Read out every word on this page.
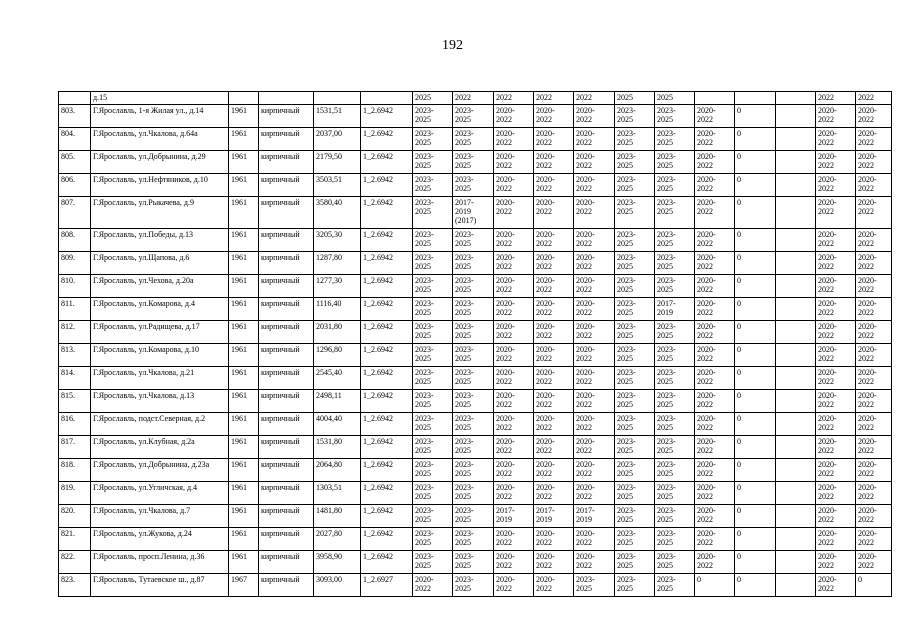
192
	д.15					2025	2022	2022	2022	2022	2025	2025				2022	2022
803.	Г.Ярославль, 1-я Жилая ул., д.14	1961	кирпичный	1531,51	1_2.6942	2023-
2025	2023-
2025	2020-
2022	2020-
2022	2020-
2022	2023-
2025	2023-
2025	2020-
2022	0		2020-
2022	2020-
2022
804.	Г.Ярославль, ул.Чкалова, д.64а	1961	кирпичный	2037,00	1_2.6942	2023-
2025	2023-
2025	2020-
2022	2020-
2022	2020-
2022	2023-
2025	2023-
2025	2020-
2022	0		2020-
2022	2020-
2022
805.	Г.Ярославль, ул.Добрынина, д.29	1961	кирпичный	2179,50	1_2.6942	2023-
2025	2023-
2025	2020-
2022	2020-
2022	2020-
2022	2023-
2025	2023-
2025	2020-
2022	0		2020-
2022	2020-
2022
806.	Г.Ярославль, ул.Нефтяников, д.10	1961	кирпичный	3503,51	1_2.6942	2023-
2025	2023-
2025	2020-
2022	2020-
2022	2020-
2022	2023-
2025	2023-
2025	2020-
2022	0		2020-
2022	2020-
2022
807.	Г.Ярославль, ул.Рыкачева, д.9	1961	кирпичный	3580,40	1_2.6942	2023-
2025	2017-
2019
(2017)	2020-
2022	2020-
2022	2020-
2022	2023-
2025	2023-
2025	2020-
2022	0		2020-
2022	2020-
2022
808.	Г.Ярославль, ул.Победы, д.13	1961	кирпичный	3205,30	1_2.6942	2023-
2025	2023-
2025	2020-
2022	2020-
2022	2020-
2022	2023-
2025	2023-
2025	2020-
2022	0		2020-
2022	2020-
2022
809.	Г.Ярославль, ул.Щапова, д.6	1961	кирпичный	1287,80	1_2.6942	2023-
2025	2023-
2025	2020-
2022	2020-
2022	2020-
2022	2023-
2025	2023-
2025	2020-
2022	0		2020-
2022	2020-
2022
810.	Г.Ярославль, ул.Чехова, д.20а	1961	кирпичный	1277,30	1_2.6942	2023-
2025	2023-
2025	2020-
2022	2020-
2022	2020-
2022	2023-
2025	2023-
2025	2020-
2022	0		2020-
2022	2020-
2022
811.	Г.Ярославль, ул.Комарова, д.4	1961	кирпичный	1116,40	1_2.6942	2023-
2025	2023-
2025	2020-
2022	2020-
2022	2020-
2022	2023-
2025	2017-
2019	2020-
2022	0		2020-
2022	2020-
2022
812.	Г.Ярославль, ул.Радищева, д.17	1961	кирпичный	2031,80	1_2.6942	2023-
2025	2023-
2025	2020-
2022	2020-
2022	2020-
2022	2023-
2025	2023-
2025	2020-
2022	0		2020-
2022	2020-
2022
813.	Г.Ярославль, ул.Комарова, д.10	1961	кирпичный	1296,80	1_2.6942	2023-
2025	2023-
2025	2020-
2022	2020-
2022	2020-
2022	2023-
2025	2023-
2025	2020-
2022	0		2020-
2022	2020-
2022
814.	Г.Ярославль, ул.Чкалова, д.21	1961	кирпичный	2545,40	1_2.6942	2023-
2025	2023-
2025	2020-
2022	2020-
2022	2020-
2022	2023-
2025	2023-
2025	2020-
2022	0		2020-
2022	2020-
2022
815.	Г.Ярославль, ул.Чкалова, д.13	1961	кирпичный	2498,11	1_2.6942	2023-
2025	2023-
2025	2020-
2022	2020-
2022	2020-
2022	2023-
2025	2023-
2025	2020-
2022	0		2020-
2022	2020-
2022
816.	Г.Ярославль, подст.Северная, д.2	1961	кирпичный	4004,40	1_2.6942	2023-
2025	2023-
2025	2020-
2022	2020-
2022	2020-
2022	2023-
2025	2023-
2025	2020-
2022	0		2020-
2022	2020-
2022
817.	Г.Ярославль, ул.Клубная, д.2а	1961	кирпичный	1531,80	1_2.6942	2023-
2025	2023-
2025	2020-
2022	2020-
2022	2020-
2022	2023-
2025	2023-
2025	2020-
2022	0		2020-
2022	2020-
2022
818.	Г.Ярославль, ул.Добрынина, д.23а	1961	кирпичный	2064,80	1_2.6942	2023-
2025	2023-
2025	2020-
2022	2020-
2022	2020-
2022	2023-
2025	2023-
2025	2020-
2022	0		2020-
2022	2020-
2022
819.	Г.Ярославль, ул.Угличская, д.4	1961	кирпичный	1303,51	1_2.6942	2023-
2025	2023-
2025	2020-
2022	2020-
2022	2020-
2022	2023-
2025	2023-
2025	2020-
2022	0		2020-
2022	2020-
2022
820.	Г.Ярославль, ул.Чкалова, д.7	1961	кирпичный	1481,80	1_2.6942	2023-
2025	2023-
2025	2017-
2019	2017-
2019	2017-
2019	2023-
2025	2023-
2025	2020-
2022	0		2020-
2022	2020-
2022
821.	Г.Ярославль, ул.Жукова, д.24	1961	кирпичный	2027,80	1_2.6942	2023-
2025	2023-
2025	2020-
2022	2020-
2022	2020-
2022	2023-
2025	2023-
2025	2020-
2022	0		2020-
2022	2020-
2022
822.	Г.Ярославль, просп.Ленина, д.36	1961	кирпичный	3958,90	1_2.6942	2023-
2025	2023-
2025	2020-
2022	2020-
2022	2020-
2022	2023-
2025	2023-
2025	2020-
2022	0		2020-
2022	2020-
2022
823.	Г.Ярославль, Тутаевское ш., д.87	1967	кирпичный	3093,00	1_2.6927	2020-
2022	2023-
2025	2020-
2022	2020-
2022	2023-
2025	2023-
2025	2023-
2025	0	0		2020-
2022	0
